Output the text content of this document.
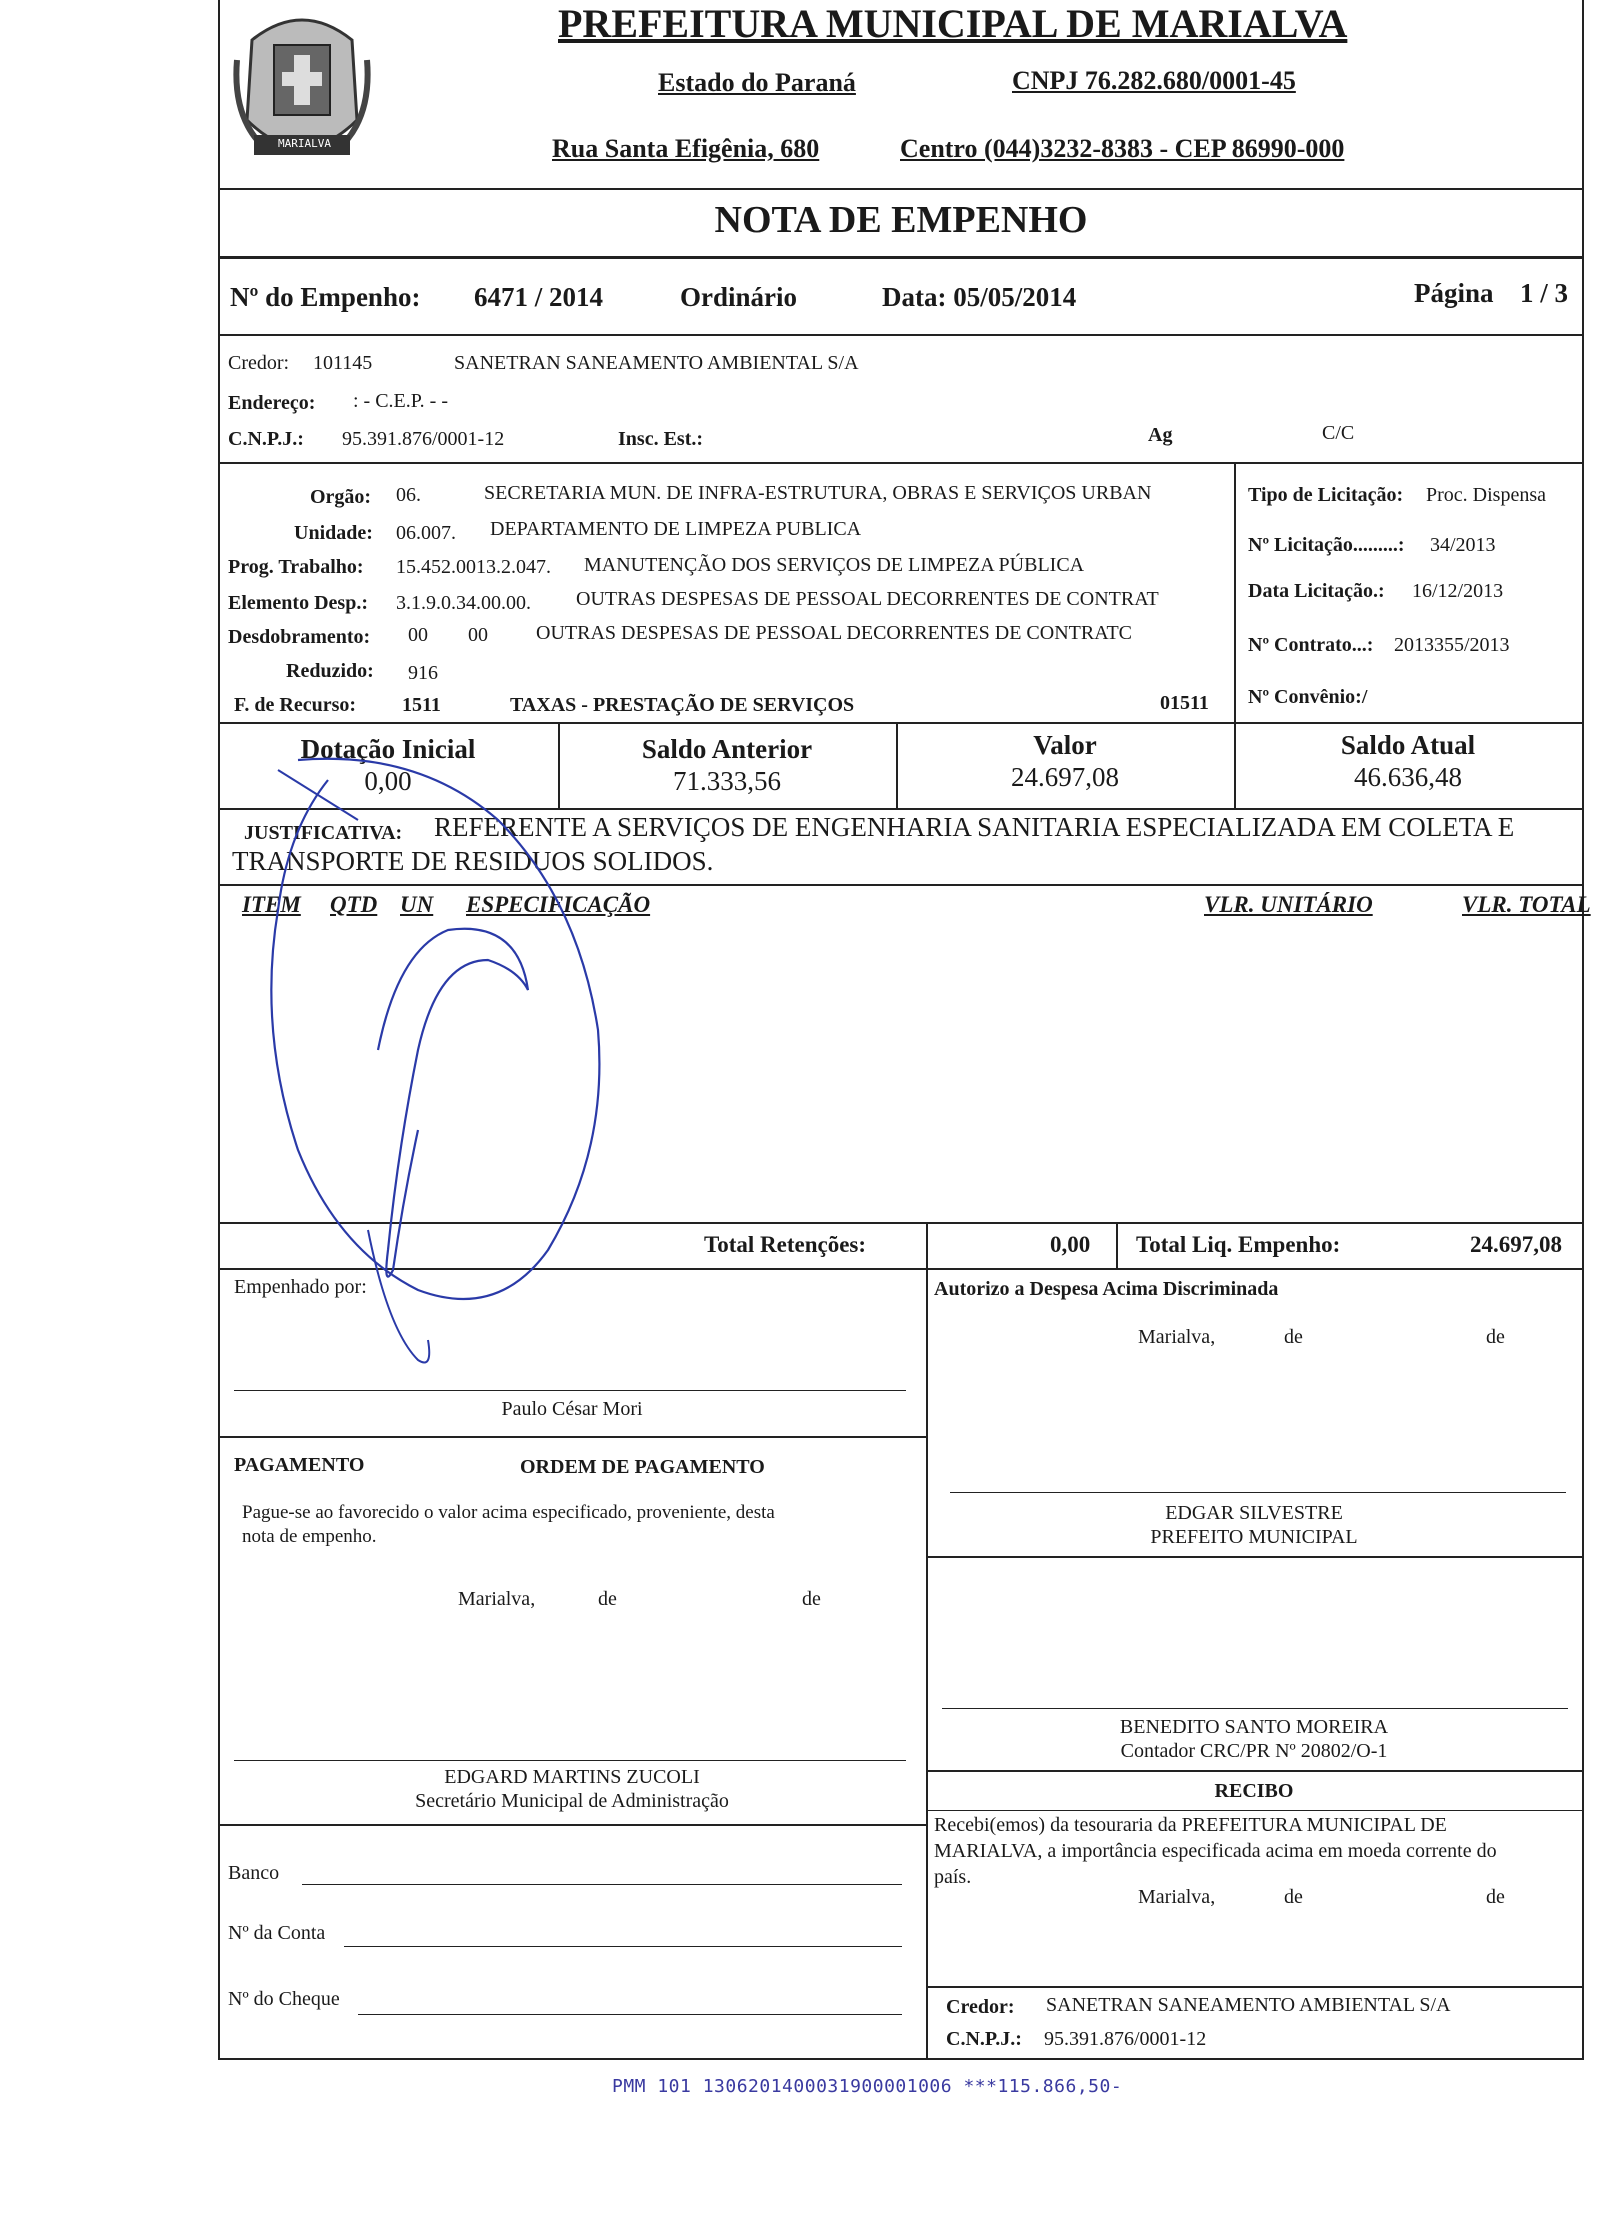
MARIALVA
PREFEITURA MUNICIPAL DE MARIALVA
Estado do Paraná	CNPJ 76.282.680/0001-45
Rua Santa Efigênia, 680	Centro (044)3232-8383 - CEP 86990-000
NOTA DE EMPENHO
Nº do Empenho: 6471 / 2014	Ordinário	Data: 05/05/2014	Página 1 / 3
Credor: 101145	SANETRAN SANEAMENTO AMBIENTAL S/A
Endereço: : - C.E.P. - -
C.N.P.J.: 95.391.876/0001-12	Insc. Est.:	Ag	C/C
Orgão: 06.	SECRETARIA MUN. DE INFRA-ESTRUTURA, OBRAS E SERVIÇOS URBAN
Unidade: 06.007. DEPARTAMENTO DE LIMPEZA PUBLICA
Prog. Trabalho: 15.452.0013.2.047. MANUTENÇÃO DOS SERVIÇOS DE LIMPEZA PÚBLICA
Elemento Desp.: 3.1.9.0.34.00.00. OUTRAS DESPESAS DE PESSOAL DECORRENTES DE CONTRAT
Desdobramento: 00 00 OUTRAS DESPESAS DE PESSOAL DECORRENTES DE CONTRATC
Reduzido: 916
F. de Recurso: 1511	TAXAS - PRESTAÇÃO DE SERVIÇOS	01511
Tipo de Licitação: Proc. Dispensa
Nº Licitação.........: 34/2013
Data Licitação.: 16/12/2013
Nº Contrato...: 2013355/2013
Nº Convênio:/
Dotação Inicial
0,00
Saldo Anterior
71.333,56
Valor
24.697,08
Saldo Atual
46.636,48
JUSTIFICATIVA: REFERENTE A SERVIÇOS DE ENGENHARIA SANITARIA ESPECIALIZADA EM COLETA E
TRANSPORTE DE RESIDUOS SOLIDOS.
ITEM QTD UN ESPECIFICAÇÃO	VLR. UNITÁRIO	VLR. TOTAL
Total Retenções:	0,00 Total Liq. Empenho:	24.697,08
Empenhado por:
Paulo César Mori
Autorizo a Despesa Acima Discriminada
Marialva,	de	de
EDGAR SILVESTRE
PREFEITO MUNICIPAL
PAGAMENTO	ORDEM DE PAGAMENTO
Pague-se ao favorecido o valor acima especificado, proveniente, desta
nota de empenho.
Marialva,	de	de
EDGARD MARTINS ZUCOLI
Secretário Municipal de Administração
BENEDITO SANTO MOREIRA
Contador CRC/PR Nº 20802/O-1
RECIBO
Recebi(emos) da tesouraria da PREFEITURA MUNICIPAL DE
MARIALVA, a importância especificada acima em moeda corrente do
país.
Marialva,	de	de
Credor: SANETRAN SANEAMENTO AMBIENTAL S/A
C.N.P.J.: 95.391.876/0001-12
Banco
Nº da Conta
Nº do Cheque
PMM 101 1306201400031900001006 ***115.866,50-
